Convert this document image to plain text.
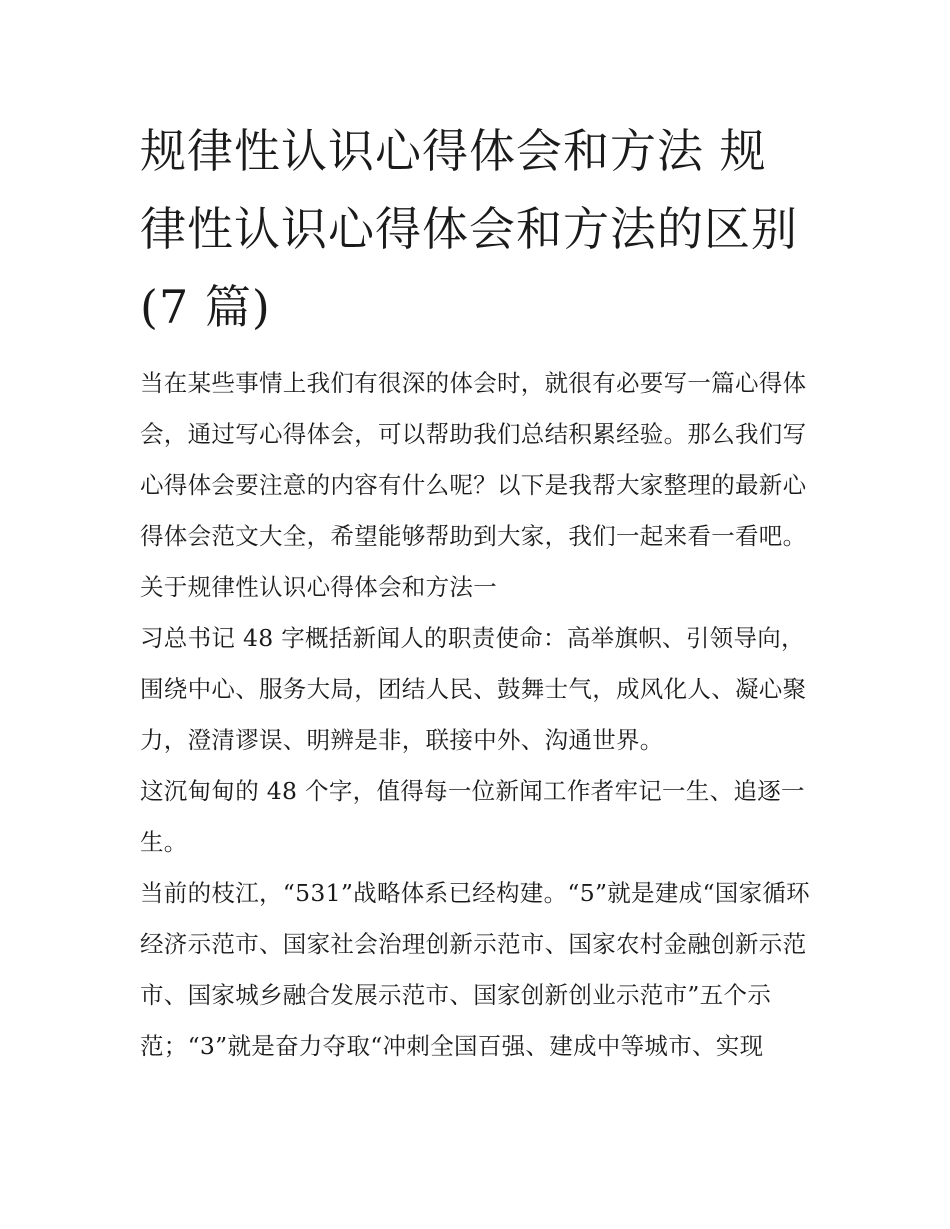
规律性认识心得体会和方法 规律性认识心得体会和方法的区别(7 篇)

当在某些事情上我们有很深的体会时，就很有必要写一篇心得体会，通过写心得体会，可以帮助我们总结积累经验。那么我们写心得体会要注意的内容有什么呢？以下是我帮大家整理的最新心得体会范文大全，希望能够帮助到大家，我们一起来看一看吧。

关于规律性认识心得体会和方法一

习总书记 48 字概括新闻人的职责使命：高举旗帜、引领导向，围绕中心、服务大局，团结人民、鼓舞士气，成风化人、凝心聚力，澄清谬误、明辨是非，联接中外、沟通世界。

这沉甸甸的 48 个字，值得每一位新闻工作者牢记一生、追逐一生。

当前的枝江，“531”战略体系已经构建。“5”就是建成“国家循环经济示范市、国家社会治理创新示范市、国家农村金融创新示范市、国家城乡融合发展示范市、国家创新创业示范市”五个示范；“3”就是奋力夺取“冲刺全国百强、建成中等城市、实现
